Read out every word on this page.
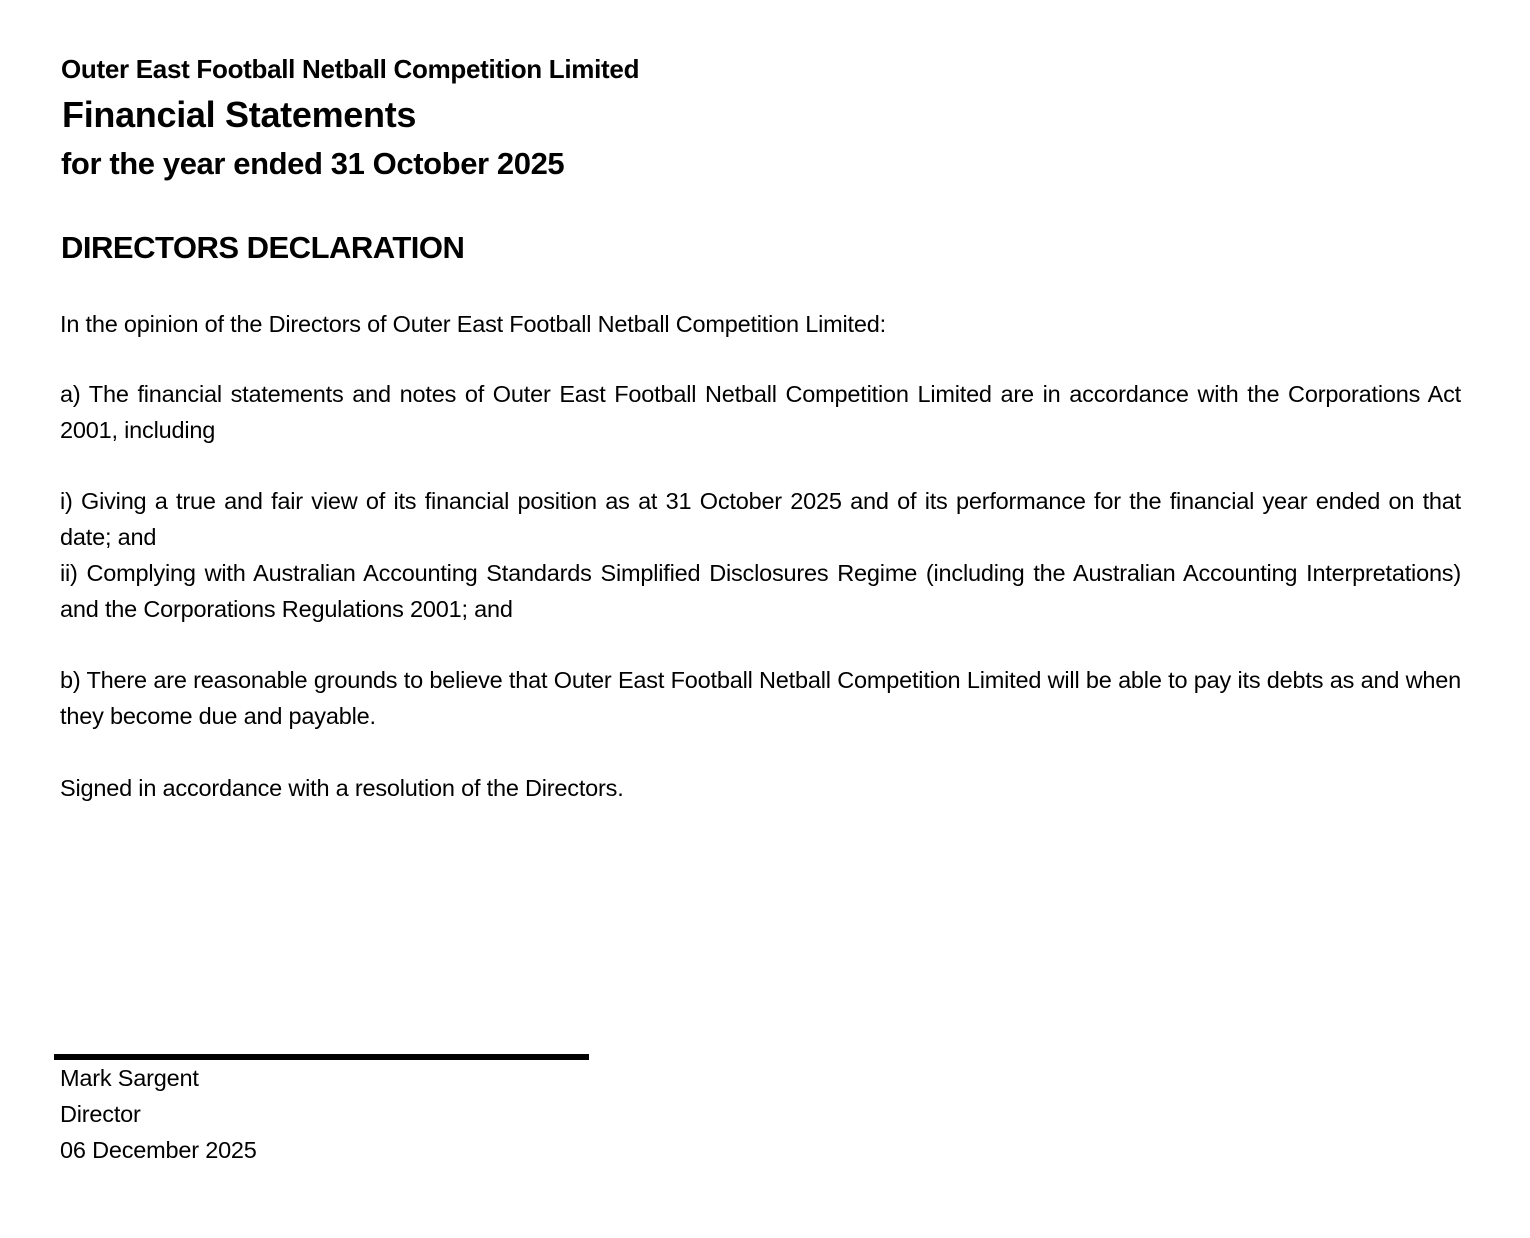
Outer East Football Netball Competition Limited
Financial Statements
for the year ended 31 October 2025
DIRECTORS DECLARATION

In the opinion of the Directors of Outer East Football Netball Competition Limited:

a) The financial statements and notes of Outer East Football Netball Competition Limited are in accordance with the Corporations Act 2001, including

i) Giving a true and fair view of its financial position as at 31 October 2025 and of its performance for the financial year ended on that date; and

ii) Complying with Australian Accounting Standards Simplified Disclosures Regime (including the Australian Accounting Interpretations) and the Corporations Regulations 2001; and

b) There are reasonable grounds to believe that Outer East Football Netball Competition Limited will be able to pay its debts as and when they become due and payable.

Signed in accordance with a resolution of the Directors.

Mark Sargent
Director
06 December 2025
